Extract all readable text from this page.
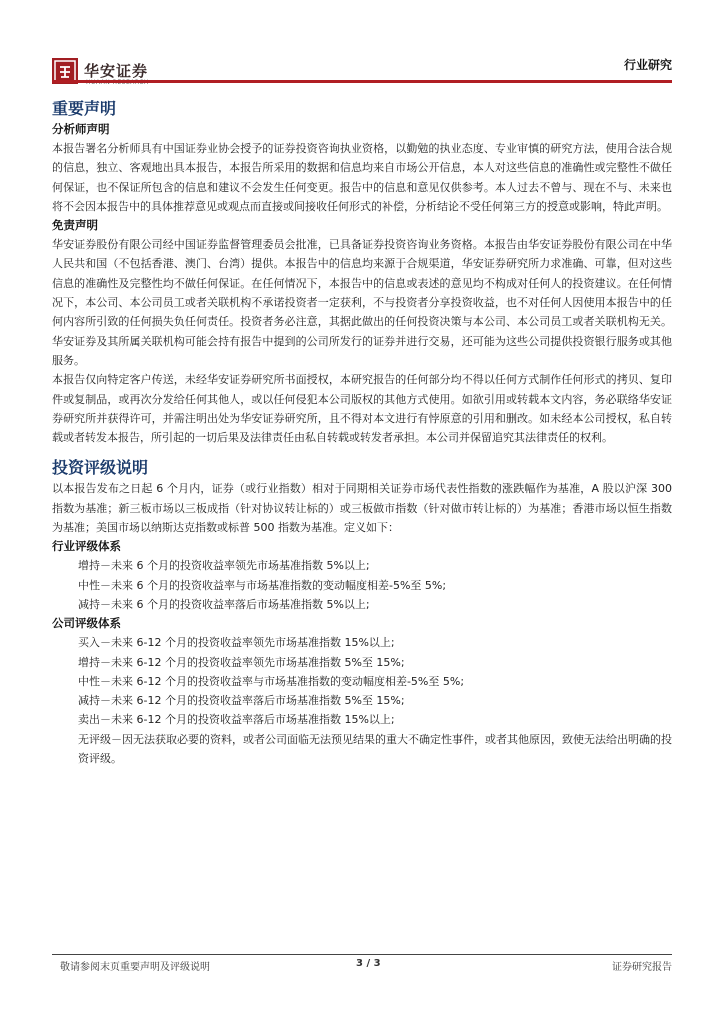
华安证券	行业研究
重要声明
分析师声明

本报告署名分析师具有中国证券业协会授予的证券投资咨询执业资格，以勤勉的执业态度、专业审慎的研究方法，使用合法合规的信息，独立、客观地出具本报告，本报告所采用的数据和信息均来自市场公开信息，本人对这些信息的准确性或完整性不做任何保证，也不保证所包含的信息和建议不会发生任何变更。报告中的信息和意见仅供参考。本人过去不曾与、现在不与、未来也将不会因本报告中的具体推荐意见或观点而直接或间接收任何形式的补偿，分析结论不受任何第三方的授意或影响，特此声明。

免责声明

华安证券股份有限公司经中国证券监督管理委员会批准，已具备证券投资咨询业务资格。本报告由华安证券股份有限公司在中华人民共和国（不包括香港、澳门、台湾）提供。本报告中的信息均来源于合规渠道，华安证券研究所力求准确、可靠，但对这些信息的准确性及完整性均不做任何保证。在任何情况下，本报告中的信息或表述的意见均不构成对任何人的投资建议。在任何情况下，本公司、本公司员工或者关联机构不承诺投资者一定获利，不与投资者分享投资收益，也不对任何人因使用本报告中的任何内容所引致的任何损失负任何责任。投资者务必注意，其据此做出的任何投资决策与本公司、本公司员工或者关联机构无关。华安证券及其所属关联机构可能会持有报告中提到的公司所发行的证券并进行交易，还可能为这些公司提供投资银行服务或其他服务。

本报告仅向特定客户传送，未经华安证券研究所书面授权，本研究报告的任何部分均不得以任何方式制作任何形式的拷贝、复印件或复制品，或再次分发给任何其他人，或以任何侵犯本公司版权的其他方式使用。如欲引用或转载本文内容，务必联络华安证券研究所并获得许可，并需注明出处为华安证券研究所，且不得对本文进行有悖原意的引用和删改。如未经本公司授权，私自转载或者转发本报告，所引起的一切后果及法律责任由私自转载或转发者承担。本公司并保留追究其法律责任的权利。

投资评级说明

以本报告发布之日起 6 个月内，证券（或行业指数）相对于同期相关证券市场代表性指数的涨跌幅作为基准，A 股以沪深 300 指数为基准；新三板市场以三板成指（针对协议转让标的）或三板做市指数（针对做市转让标的）为基准；香港市场以恒生指数为基准；美国市场以纳斯达克指数或标普 500 指数为基准。定义如下：

行业评级体系

增持－未来 6 个月的投资收益率领先市场基准指数 5%以上;

中性－未来 6 个月的投资收益率与市场基准指数的变动幅度相差-5%至 5%;

减持－未来 6 个月的投资收益率落后市场基准指数 5%以上;

公司评级体系

买入－未来 6-12 个月的投资收益率领先市场基准指数 15%以上;

增持－未来 6-12 个月的投资收益率领先市场基准指数 5%至 15%;

中性－未来 6-12 个月的投资收益率与市场基准指数的变动幅度相差-5%至 5%;

减持－未来 6-12 个月的投资收益率落后市场基准指数 5%至 15%;

卖出－未来 6-12 个月的投资收益率落后市场基准指数 15%以上;

无评级－因无法获取必要的资料，或者公司面临无法预见结果的重大不确定性事件，或者其他原因，致使无法给出明确的投资评级。

敬请参阅末页重要声明及评级说明	3 / 3	证券研究报告
